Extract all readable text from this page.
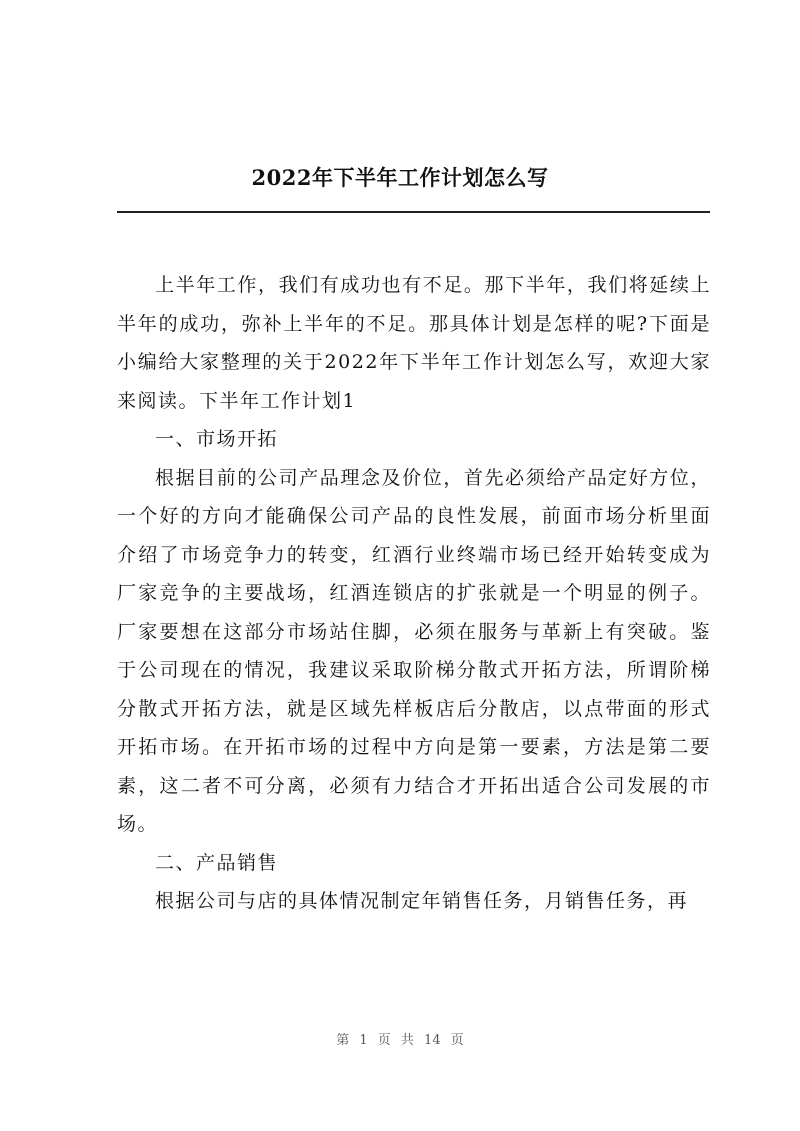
2022年下半年工作计划怎么写

上半年工作，我们有成功也有不足。那下半年，我们将延续上半年的成功，弥补上半年的不足。那具体计划是怎样的呢?下面是小编给大家整理的关于2022年下半年工作计划怎么写，欢迎大家来阅读。下半年工作计划1

一、市场开拓

根据目前的公司产品理念及价位，首先必须给产品定好方位，一个好的方向才能确保公司产品的良性发展，前面市场分析里面介绍了市场竞争力的转变，红酒行业终端市场已经开始转变成为厂家竞争的主要战场，红酒连锁店的扩张就是一个明显的例子。厂家要想在这部分市场站住脚，必须在服务与革新上有突破。鉴于公司现在的情况，我建议采取阶梯分散式开拓方法，所谓阶梯分散式开拓方法，就是区域先样板店后分散店，以点带面的形式开拓市场。在开拓市场的过程中方向是第一要素，方法是第二要素，这二者不可分离，必须有力结合才开拓出适合公司发展的市场。

二、产品销售

根据公司与店的具体情况制定年销售任务，月销售任务，再

第 1 页 共 14 页
